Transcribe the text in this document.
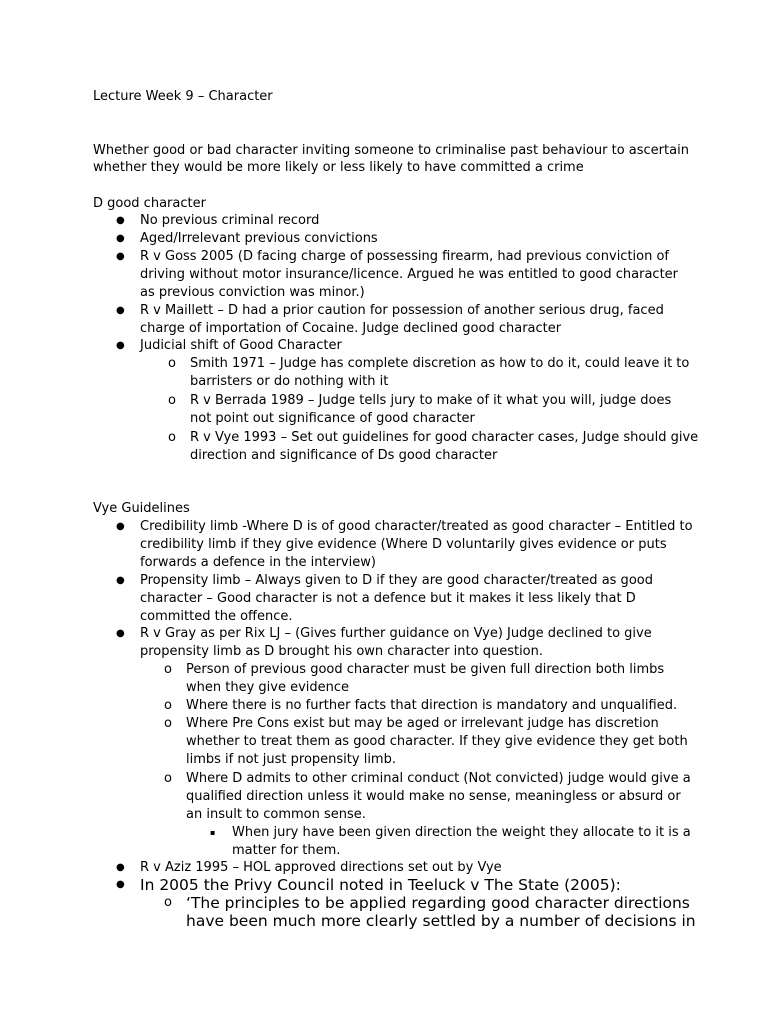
Lecture Week 9 – Character
Whether good or bad character inviting someone to criminalise past behaviour to ascertain
whether they would be more likely or less likely to have committed a crime
D good character
● No previous criminal record
● Aged/Irrelevant previous convictions
● R v Goss 2005 (D facing charge of possessing firearm, had previous conviction of
driving without motor insurance/licence. Argued he was entitled to good character
as previous conviction was minor.)
● R v Maillett – D had a prior caution for possession of another serious drug, faced
charge of importation of Cocaine. Judge declined good character
● Judicial shift of Good Character
o Smith 1971 – Judge has complete discretion as how to do it, could leave it to
barristers or do nothing with it
o R v Berrada 1989 – Judge tells jury to make of it what you will, judge does
not point out significance of good character
o R v Vye 1993 – Set out guidelines for good character cases, Judge should give
direction and significance of Ds good character
Vye Guidelines
● Credibility limb -Where D is of good character/treated as good character – Entitled to
credibility limb if they give evidence (Where D voluntarily gives evidence or puts
forwards a defence in the interview)
● Propensity limb – Always given to D if they are good character/treated as good
character – Good character is not a defence but it makes it less likely that D
committed the offence.
● R v Gray as per Rix LJ – (Gives further guidance on Vye) Judge declined to give
propensity limb as D brought his own character into question.
o Person of previous good character must be given full direction both limbs
when they give evidence
o Where there is no further facts that direction is mandatory and unqualified.
o Where Pre Cons exist but may be aged or irrelevant judge has discretion
whether to treat them as good character. If they give evidence they get both
limbs if not just propensity limb.
o Where D admits to other criminal conduct (Not convicted) judge would give a
qualified direction unless it would make no sense, meaningless or absurd or
an insult to common sense.
▪ When jury have been given direction the weight they allocate to it is a
matter for them.
● R v Aziz 1995 – HOL approved directions set out by Vye
● In 2005 the Privy Council noted in Teeluck v The State (2005):
o ‘The principles to be applied regarding good character directions
have been much more clearly settled by a number of decisions in
